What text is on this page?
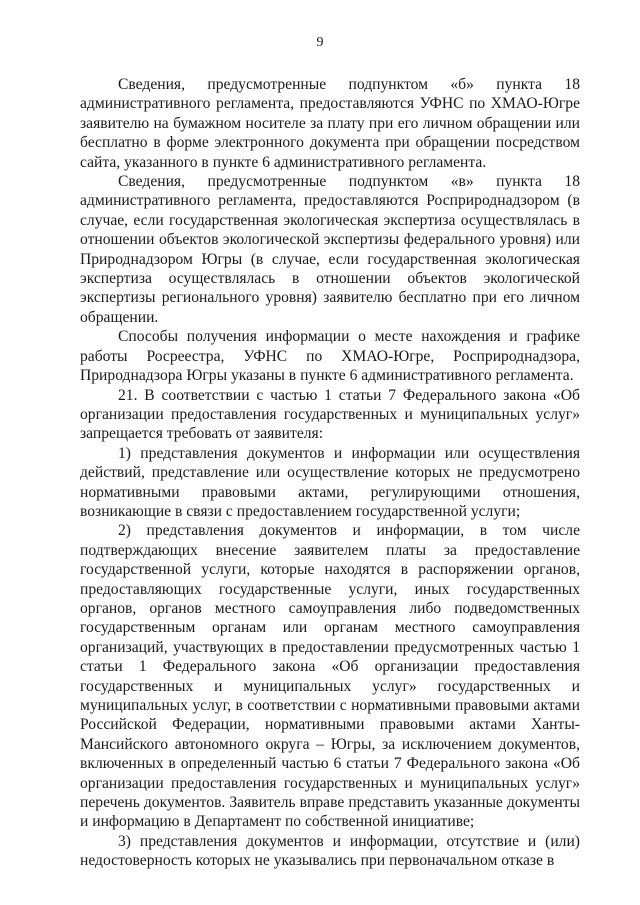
9

Сведения, предусмотренные подпунктом «б» пункта 18 административного регламента, предоставляются УФНС по ХМАО-Югре заявителю на бумажном носителе за плату при его личном обращении или бесплатно в форме электронного документа при обращении посредством сайта, указанного в пункте 6 административного регламента.

Сведения, предусмотренные подпунктом «в» пункта 18 административного регламента, предоставляются Росприроднадзором (в случае, если государственная экологическая экспертиза осуществлялась в отношении объектов экологической экспертизы федерального уровня) или Природнадзором Югры (в случае, если государственная экологическая экспертиза осуществлялась в отношении объектов экологической экспертизы регионального уровня) заявителю бесплатно при его личном обращении.

Способы получения информации о месте нахождения и графике работы Росреестра, УФНС по ХМАО-Югре, Росприроднадзора, Природнадзора Югры указаны в пункте 6 административного регламента.

21. В соответствии с частью 1 статьи 7 Федерального закона «Об организации предоставления государственных и муниципальных услуг» запрещается требовать от заявителя:

1) представления документов и информации или осуществления действий, представление или осуществление которых не предусмотрено нормативными правовыми актами, регулирующими отношения, возникающие в связи с предоставлением государственной услуги;

2) представления документов и информации, в том числе подтверждающих внесение заявителем платы за предоставление государственной услуги, которые находятся в распоряжении органов, предоставляющих государственные услуги, иных государственных органов, органов местного самоуправления либо подведомственных государственным органам или органам местного самоуправления организаций, участвующих в предоставлении предусмотренных частью 1 статьи 1 Федерального закона «Об организации предоставления государственных и муниципальных услуг» государственных и муниципальных услуг, в соответствии с нормативными правовыми актами Российской Федерации, нормативными правовыми актами Ханты-Мансийского автономного округа – Югры, за исключением документов, включенных в определенный частью 6 статьи 7 Федерального закона «Об организации предоставления государственных и муниципальных услуг» перечень документов. Заявитель вправе представить указанные документы и информацию в Департамент по собственной инициативе;

3) представления документов и информации, отсутствие и (или) недостоверность которых не указывались при первоначальном отказе в
